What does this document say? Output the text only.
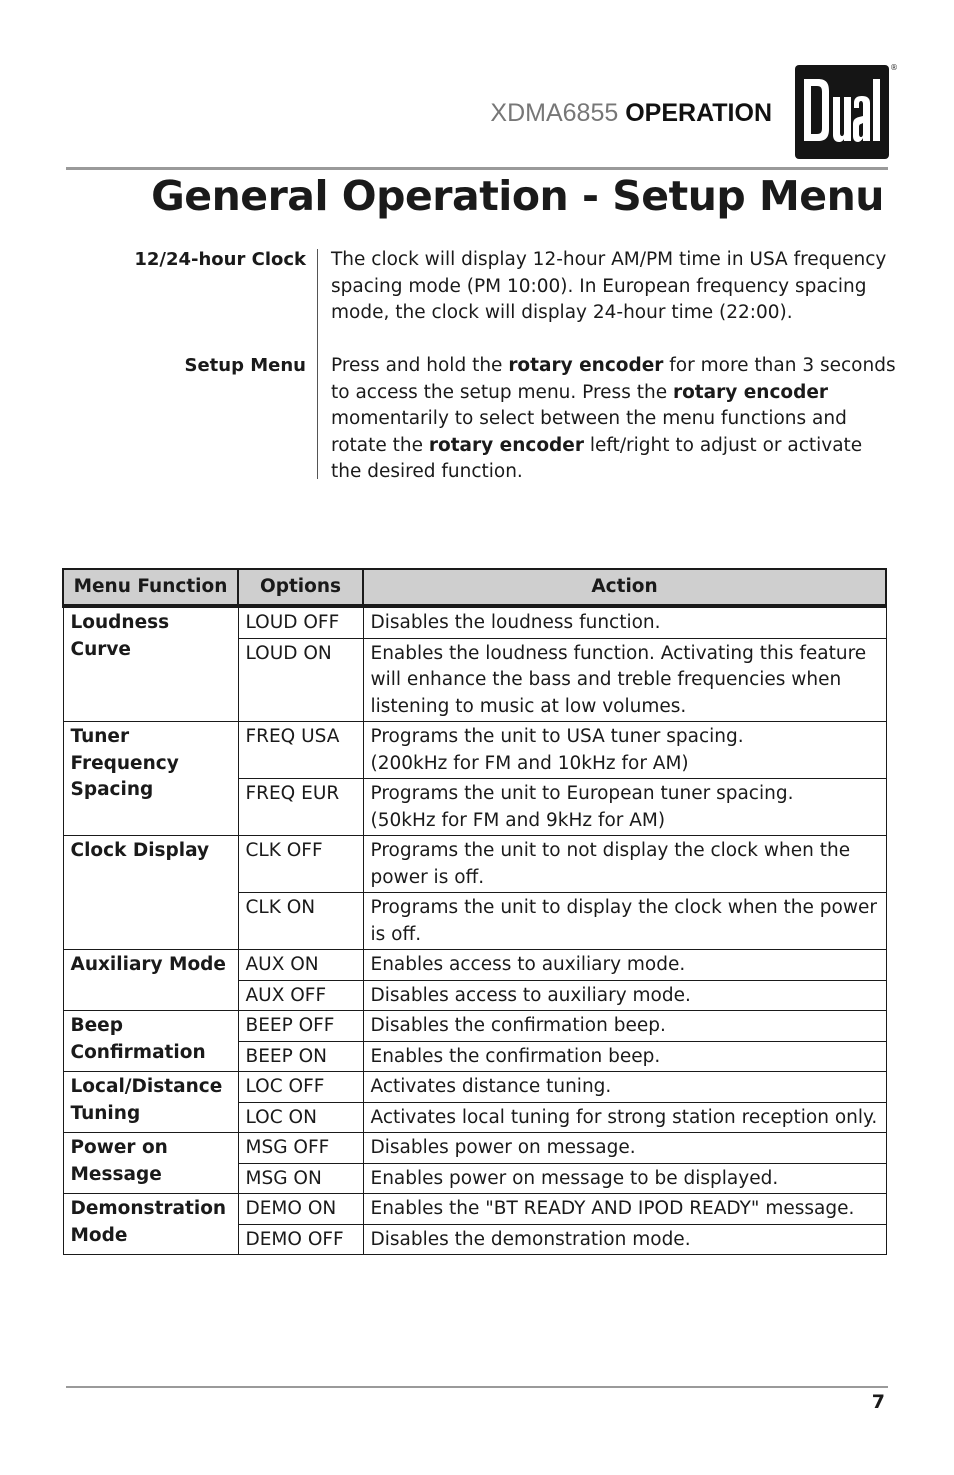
XDMA6855 OPERATION
®
General Operation - Setup Menu
12/24-hour Clock The clock will display 12-hour AM/PM time in USA frequency spacing mode (PM 10:00). In European frequency spacing mode, the clock will display 24-hour time (22:00).
Setup Menu Press and hold the rotary encoder for more than 3 seconds to access the setup menu. Press the rotary encoder momentarily to select between the menu functions and rotate the rotary encoder left/right to adjust or activate the desired function.
Menu Function	Options	Action
Loudness Curve	LOUD OFF	Disables the loudness function.
	LOUD ON	Enables the loudness function. Activating this feature will enhance the bass and treble frequencies when listening to music at low volumes.
Tuner Frequency Spacing	FREQ USA	Programs the unit to USA tuner spacing.
(200kHz for FM and 10kHz for AM)
	FREQ EUR	Programs the unit to European tuner spacing.
(50kHz for FM and 9kHz for AM)
Clock Display	CLK OFF	Programs the unit to not display the clock when the power is off.
	CLK ON	Programs the unit to display the clock when the power is off.
Auxiliary Mode	AUX ON	Enables access to auxiliary mode.
	AUX OFF	Disables access to auxiliary mode.
Beep Confirmation	BEEP OFF	Disables the confirmation beep.
	BEEP ON	Enables the confirmation beep.
Local/Distance Tuning	LOC OFF	Activates distance tuning.
	LOC ON	Activates local tuning for strong station reception only.
Power on Message	MSG OFF	Disables power on message.
	MSG ON	Enables power on message to be displayed.
Demonstration Mode	DEMO ON	Enables the "BT READY AND IPOD READY" message.
	DEMO OFF	Disables the demonstration mode.
7
